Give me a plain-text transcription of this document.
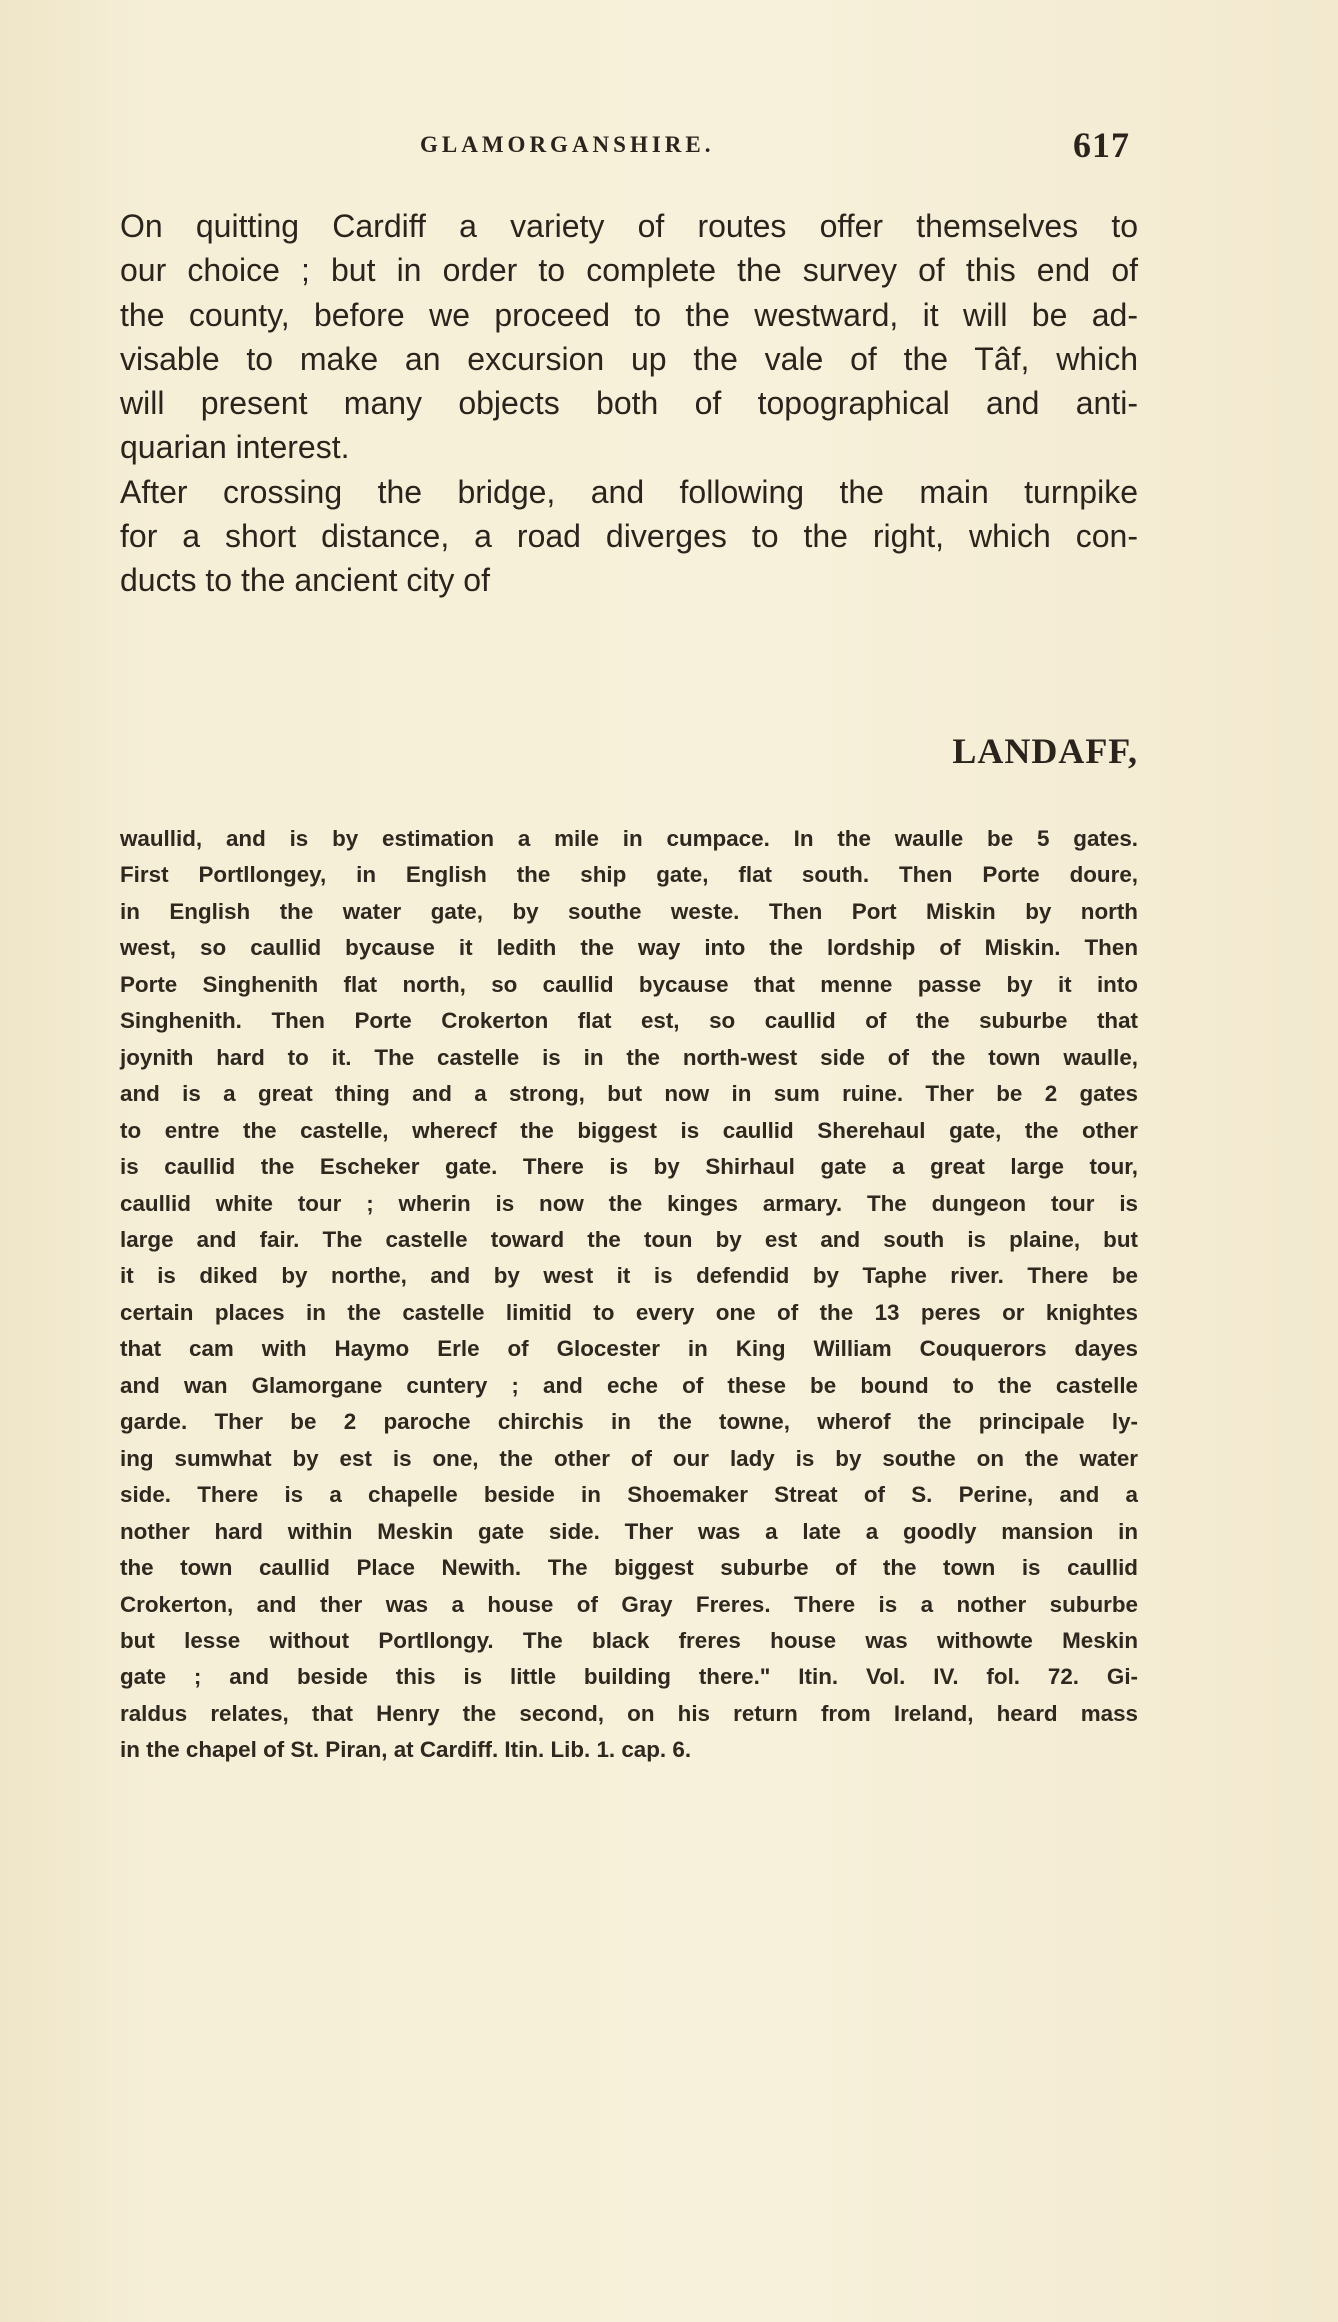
GLAMORGANSHIRE.	617

On quitting Cardiff a variety of routes offer themselves to
our choice ; but in order to complete the survey of this end of
the county, before we proceed to the westward, it will be ad-
visable to make an excursion up the vale of the Tâf, which
will present many objects both of topographical and anti-
quarian interest.

After crossing the bridge, and following the main turnpike
for a short distance, a road diverges to the right, which con-
ducts to the ancient city of

LANDAFF,
waullid, and is by estimation a mile in cumpace. In the waulle be 5 gates.
First Portllongey, in English the ship gate, flat south. Then Porte doure,
in English the water gate, by southe weste. Then Port Miskin by north
west, so caullid bycause it ledith the way into the lordship of Miskin. Then
Porte Singhenith flat north, so caullid bycause that menne passe by it into
Singhenith. Then Porte Crokerton flat est, so caullid of the suburbe that
joynith hard to it. The castelle is in the north-west side of the town waulle,
and is a great thing and a strong, but now in sum ruine. Ther be 2 gates
to entre the castelle, wherecf the biggest is caullid Sherehaul gate, the other
is caullid the Escheker gate. There is by Shirhaul gate a great large tour,
caullid white tour ; wherin is now the kinges armary. The dungeon tour is
large and fair. The castelle toward the toun by est and south is plaine, but
it is diked by northe, and by west it is defendid by Taphe river. There be
certain places in the castelle limitid to every one of the 13 peres or knightes
that cam with Haymo Erle of Glocester in King William Couquerors dayes
and wan Glamorgane cuntery ; and eche of these be bound to the castelle
garde. Ther be 2 paroche chirchis in the towne, wherof the principale ly-
ing sumwhat by est is one, the other of our lady is by southe on the water
side. There is a chapelle beside in Shoemaker Streat of S. Perine, and a
nother hard within Meskin gate side. Ther was a late a goodly mansion in
the town caullid Place Newith. The biggest suburbe of the town is caullid
Crokerton, and ther was a house of Gray Freres. There is a nother suburbe
but lesse without Portllongy. The black freres house was withowte Meskin
gate ; and beside this is little building there." Itin. Vol. IV. fol. 72. Gi-
raldus relates, that Henry the second, on his return from Ireland, heard mass
in the chapel of St. Piran, at Cardiff. Itin. Lib. 1. cap. 6.
